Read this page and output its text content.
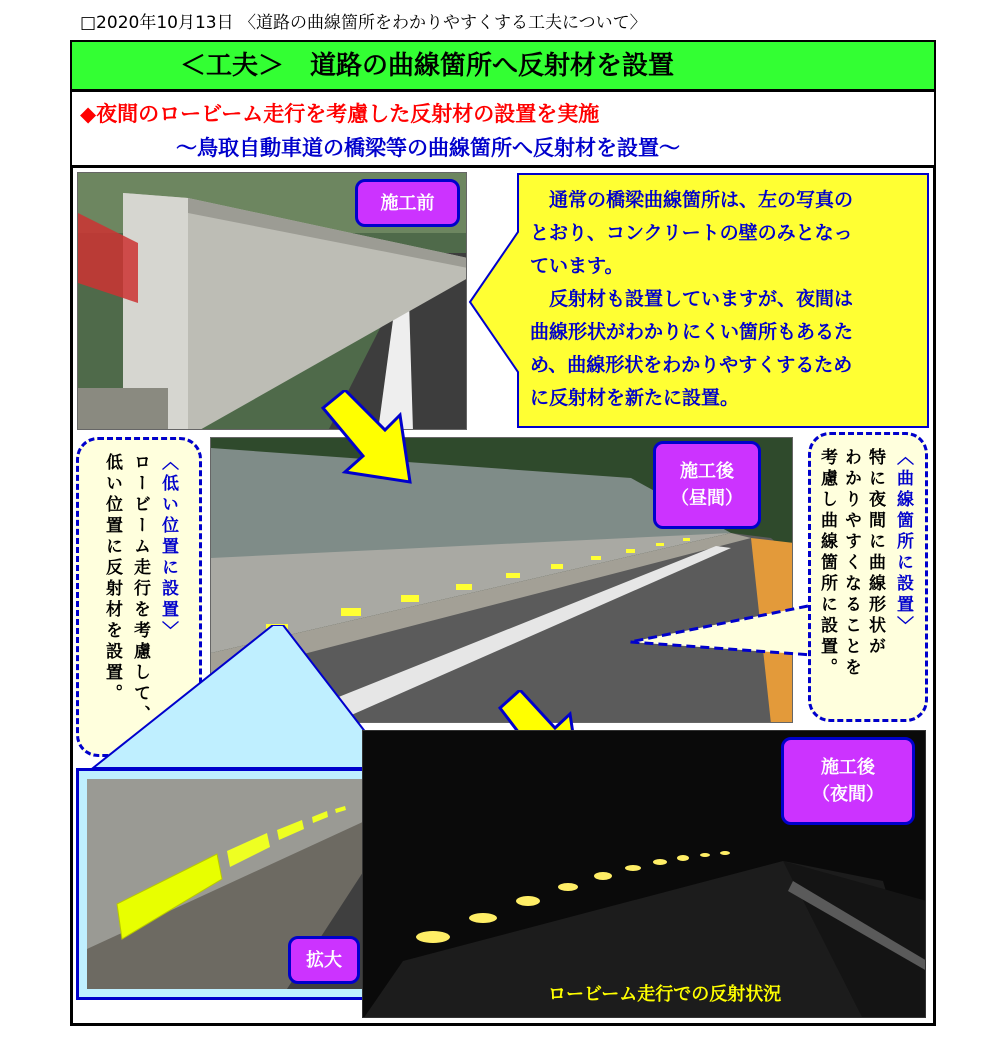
□2020年10月13日 〈道路の曲線箇所をわかりやすくする工夫について〉
＜工夫＞　道路の曲線箇所へ反射材を設置
◆夜間のロービーム走行を考慮した反射材の設置を実施
～鳥取自動車道の橋梁等の曲線箇所へ反射材を設置～
施工前	　通常の橋梁曲線箇所は、左の写真の
とおり、コンクリートの壁のみとなっ
ています。
　反射材も設置していますが、夜間は
曲線形状がわかりにくい箇所もあるた
め、曲線形状をわかりやすくするため
に反射材を新たに設置。
施工後
（昼間）
〈低い位置に設置〉
ロービーム走行を考慮して、
低い位置に反射材を設置。	〈曲線箇所に設置〉
特に夜間に曲線形状が
わかりやすくなることを
考慮し曲線箇所に設置。
拡大
施工後
（夜間）
ロービーム走行での反射状況
